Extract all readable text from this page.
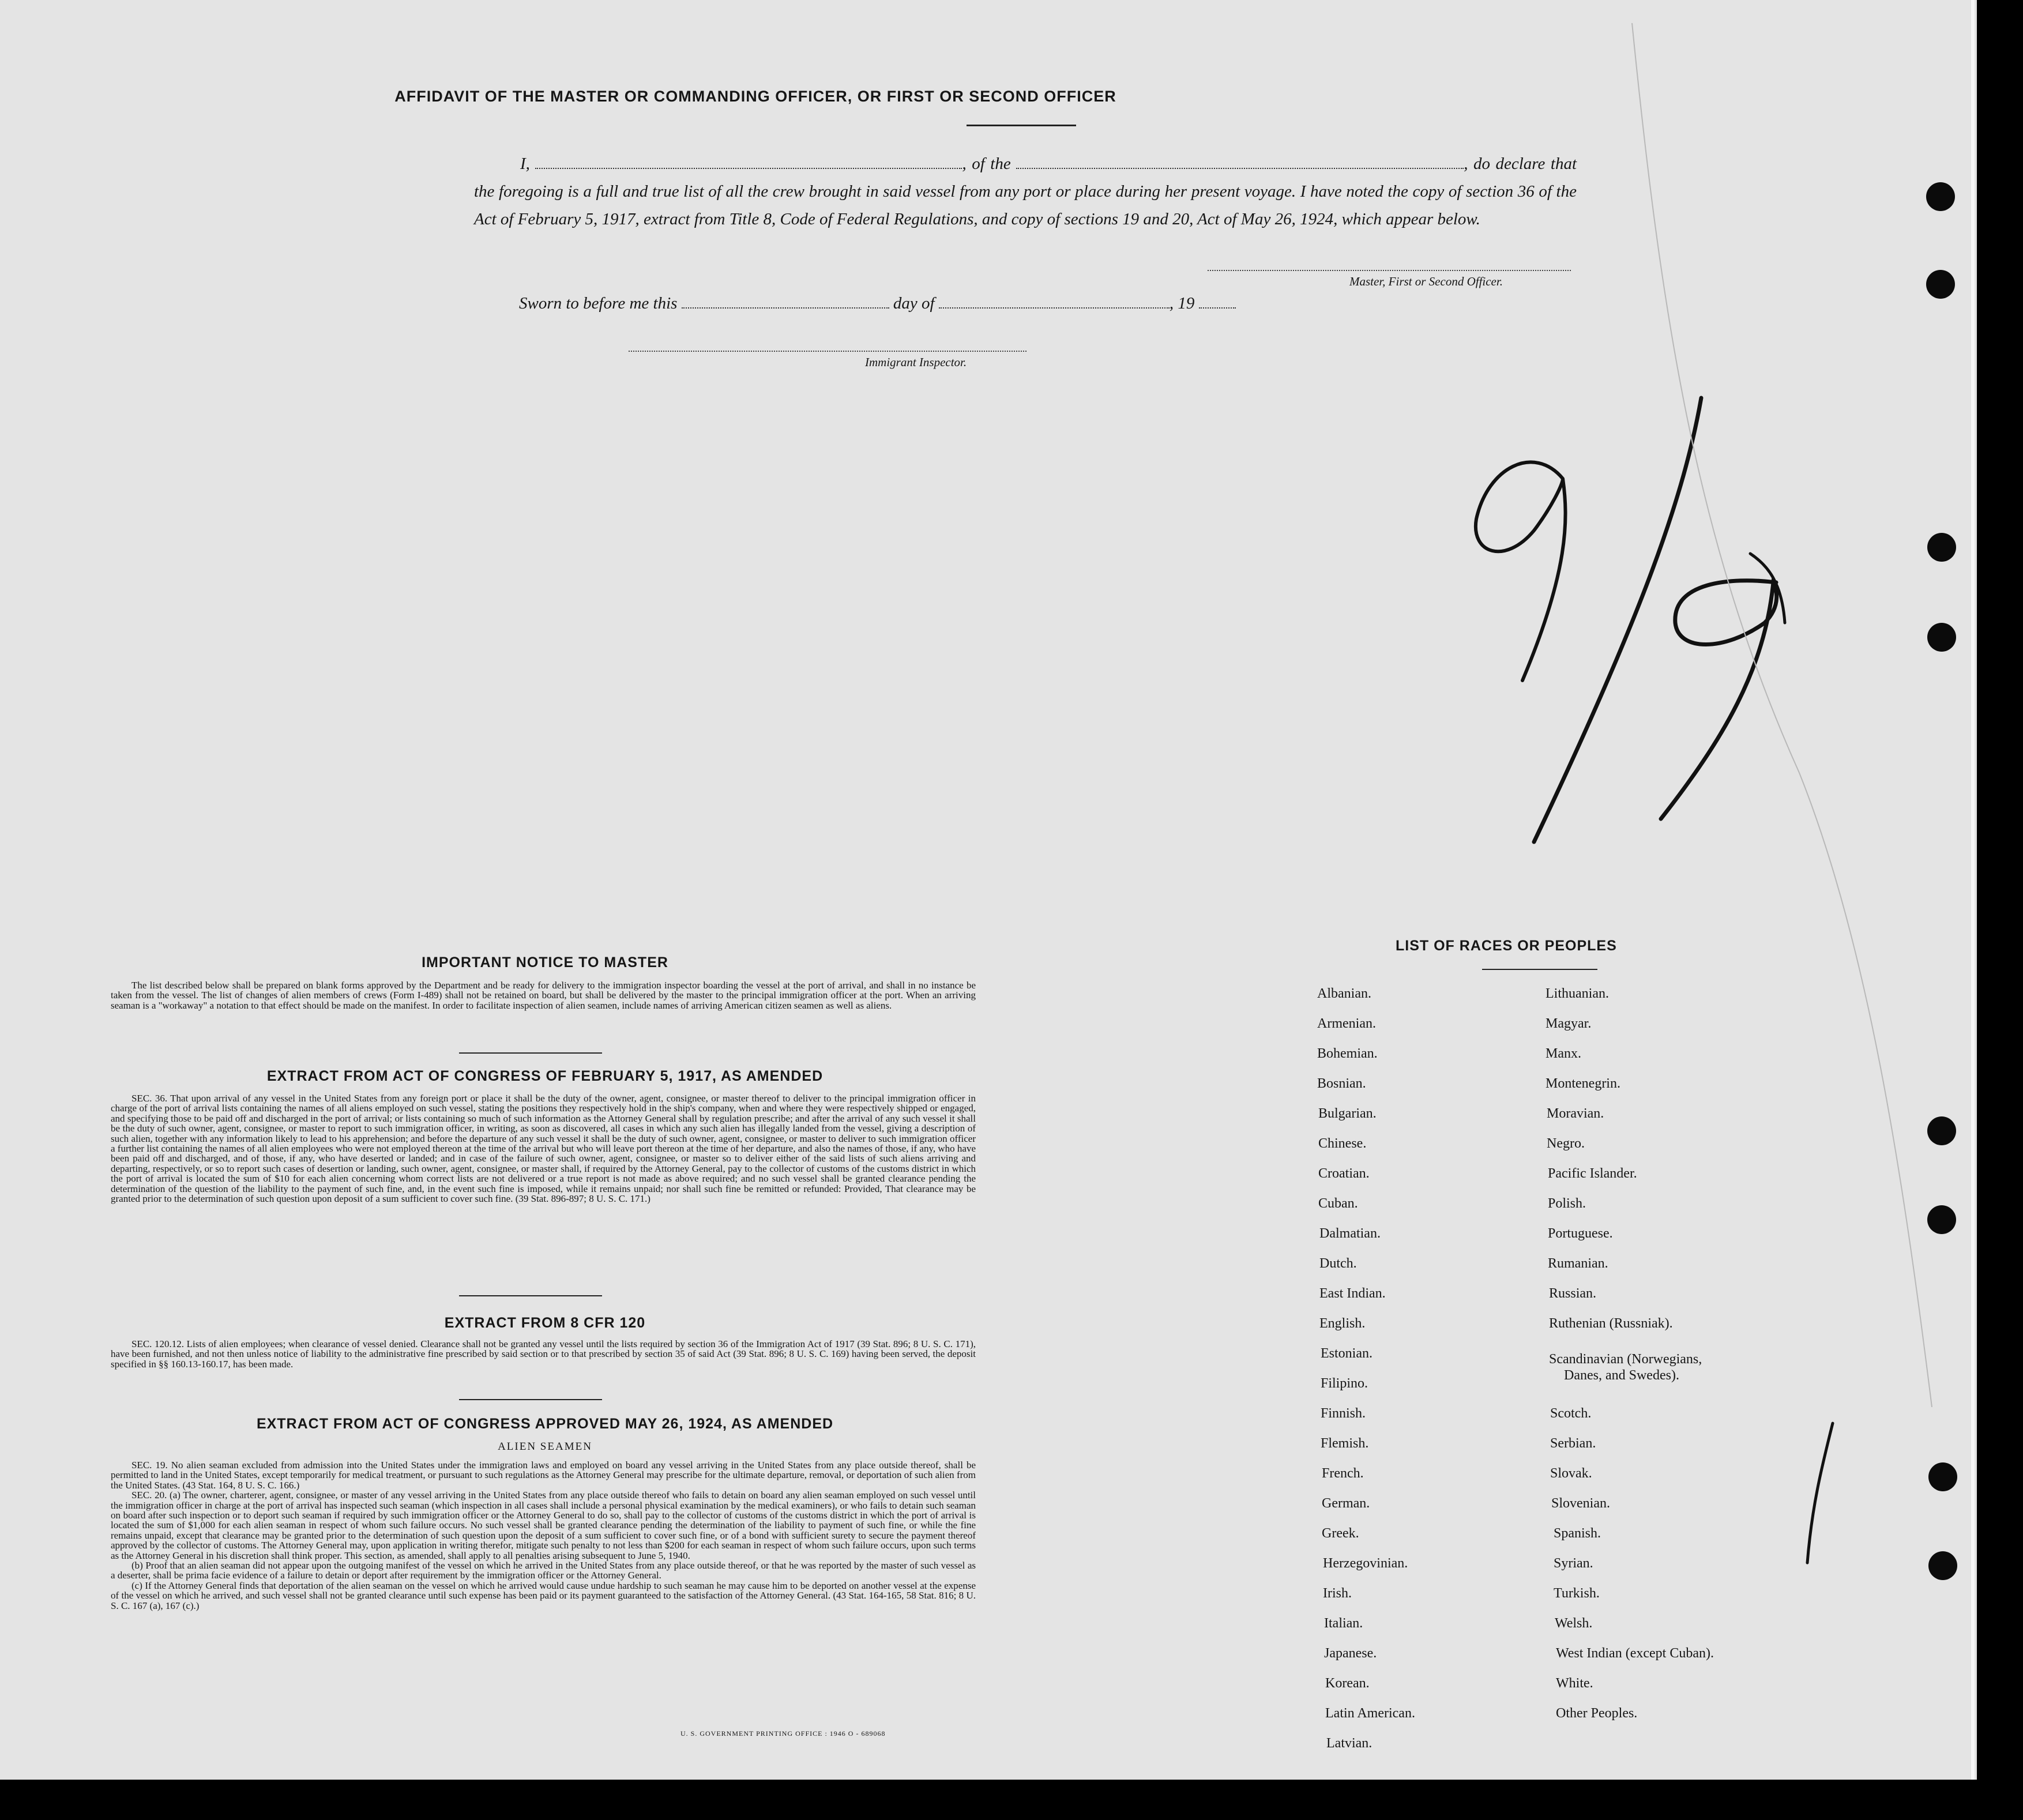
AFFIDAVIT OF THE MASTER OR COMMANDING OFFICER, OR FIRST OR SECOND OFFICER
I,	, of the	, do declare that the foregoing is a full and true list of all the crew brought in said vessel from any port or place during her present voyage. I have noted the copy of section 36 of the Act of February 5, 1917, extract from Title 8, Code of Federal Regulations, and copy of sections 19 and 20, Act of May 26, 1924, which appear below.
Master, First or Second Officer.
Sworn to before me this	day of	, 19
Immigrant Inspector.
IMPORTANT NOTICE TO MASTER
The list described below shall be prepared on blank forms approved by the Department and be ready for delivery to the immigration inspector boarding the vessel at the port of arrival, and shall in no instance be taken from the vessel. The list of changes of alien members of crews (Form I-489) shall not be retained on board, but shall be delivered by the master to the principal immigration officer at the port. When an arriving seaman is a "workaway" a notation to that effect should be made on the manifest. In order to facilitate inspection of alien seamen, include names of arriving American citizen seamen as well as aliens.
EXTRACT FROM ACT OF CONGRESS OF FEBRUARY 5, 1917, AS AMENDED
SEC. 36. That upon arrival of any vessel in the United States from any foreign port or place it shall be the duty of the owner, agent, consignee, or master thereof to deliver to the principal immigration officer in charge of the port of arrival lists containing the names of all aliens employed on such vessel, stating the positions they respectively hold in the ship's company, when and where they were respectively shipped or engaged, and specifying those to be paid off and discharged in the port of arrival; or lists containing so much of such information as the Attorney General shall by regulation prescribe; and after the arrival of any such vessel it shall be the duty of such owner, agent, consignee, or master to report to such immigration officer, in writing, as soon as discovered, all cases in which any such alien has illegally landed from the vessel, giving a description of such alien, together with any information likely to lead to his apprehension; and before the departure of any such vessel it shall be the duty of such owner, agent, consignee, or master to deliver to such immigration officer a further list containing the names of all alien employees who were not employed thereon at the time of the arrival but who will leave port thereon at the time of her departure, and also the names of those, if any, who have been paid off and discharged, and of those, if any, who have deserted or landed; and in case of the failure of such owner, agent, consignee, or master so to deliver either of the said lists of such aliens arriving and departing, respectively, or so to report such cases of desertion or landing, such owner, agent, consignee, or master shall, if required by the Attorney General, pay to the collector of customs of the customs district in which the port of arrival is located the sum of $10 for each alien concerning whom correct lists are not delivered or a true report is not made as above required; and no such vessel shall be granted clearance pending the determination of the question of the liability to the payment of such fine, and, in the event such fine is imposed, while it remains unpaid; nor shall such fine be remitted or refunded: Provided, That clearance may be granted prior to the determination of such question upon deposit of a sum sufficient to cover such fine. (39 Stat. 896-897; 8 U. S. C. 171.)
EXTRACT FROM 8 CFR 120
SEC. 120.12. Lists of alien employees; when clearance of vessel denied. Clearance shall not be granted any vessel until the lists required by section 36 of the Immigration Act of 1917 (39 Stat. 896; 8 U. S. C. 171), have been furnished, and not then unless notice of liability to the administrative fine prescribed by said section or to that prescribed by section 35 of said Act (39 Stat. 896; 8 U. S. C. 169) having been served, the deposit specified in §§ 160.13-160.17, has been made.
EXTRACT FROM ACT OF CONGRESS APPROVED MAY 26, 1924, AS AMENDED
ALIEN SEAMEN

SEC. 19. No alien seaman excluded from admission into the United States under the immigration laws and employed on board any vessel arriving in the United States from any place outside thereof, shall be permitted to land in the United States, except temporarily for medical treatment, or pursuant to such regulations as the Attorney General may prescribe for the ultimate departure, removal, or deportation of such alien from the United States. (43 Stat. 164, 8 U. S. C. 166.)

SEC. 20. (a) The owner, charterer, agent, consignee, or master of any vessel arriving in the United States from any place outside thereof who fails to detain on board any alien seaman employed on such vessel until the immigration officer in charge at the port of arrival has inspected such seaman (which inspection in all cases shall include a personal physical examination by the medical examiners), or who fails to detain such seaman on board after such inspection or to deport such seaman if required by such immigration officer or the Attorney General to do so, shall pay to the collector of customs of the customs district in which the port of arrival is located the sum of $1,000 for each alien seaman in respect of whom such failure occurs. No such vessel shall be granted clearance pending the determination of the liability to payment of such fine, or while the fine remains unpaid, except that clearance may be granted prior to the determination of such question upon the deposit of a sum sufficient to cover such fine, or of a bond with sufficient surety to secure the payment thereof approved by the collector of customs. The Attorney General may, upon application in writing therefor, mitigate such penalty to not less than $200 for each seaman in respect of whom such failure occurs, upon such terms as the Attorney General in his discretion shall think proper. This section, as amended, shall apply to all penalties arising subsequent to June 5, 1940.

(b) Proof that an alien seaman did not appear upon the outgoing manifest of the vessel on which he arrived in the United States from any place outside thereof, or that he was reported by the master of such vessel as a deserter, shall be prima facie evidence of a failure to detain or deport after requirement by the immigration officer or the Attorney General.

(c) If the Attorney General finds that deportation of the alien seaman on the vessel on which he arrived would cause undue hardship to such seaman he may cause him to be deported on another vessel at the expense of the vessel on which he arrived, and such vessel shall not be granted clearance until such expense has been paid or its payment guaranteed to the satisfaction of the Attorney General. (43 Stat. 164-165, 58 Stat. 816; 8 U. S. C. 167 (a), 167 (c).)

U. S. GOVERNMENT PRINTING OFFICE : 1946 O - 689068
LIST OF RACES OR PEOPLES
Albanian.
Armenian.
Bohemian.
Bosnian.
Bulgarian.
Chinese.
Croatian.
Cuban.
Dalmatian.
Dutch.
East Indian.
English.
Estonian.
Filipino.
Finnish.
Flemish.
French.
German.
Greek.
Herzegovinian.
Irish.
Italian.
Japanese.
Korean.
Latin American.
Latvian.
Lithuanian.
Magyar.
Manx.
Montenegrin.
Moravian.
Negro.
Pacific Islander.
Polish.
Portuguese.
Rumanian.
Russian.
Ruthenian (Russniak).
Scandinavian (Norwegians,
Danes, and Swedes).
Scotch.
Serbian.
Slovak.
Slovenian.
Spanish.
Syrian.
Turkish.
Welsh.
West Indian (except Cuban).
White.
Other Peoples.
